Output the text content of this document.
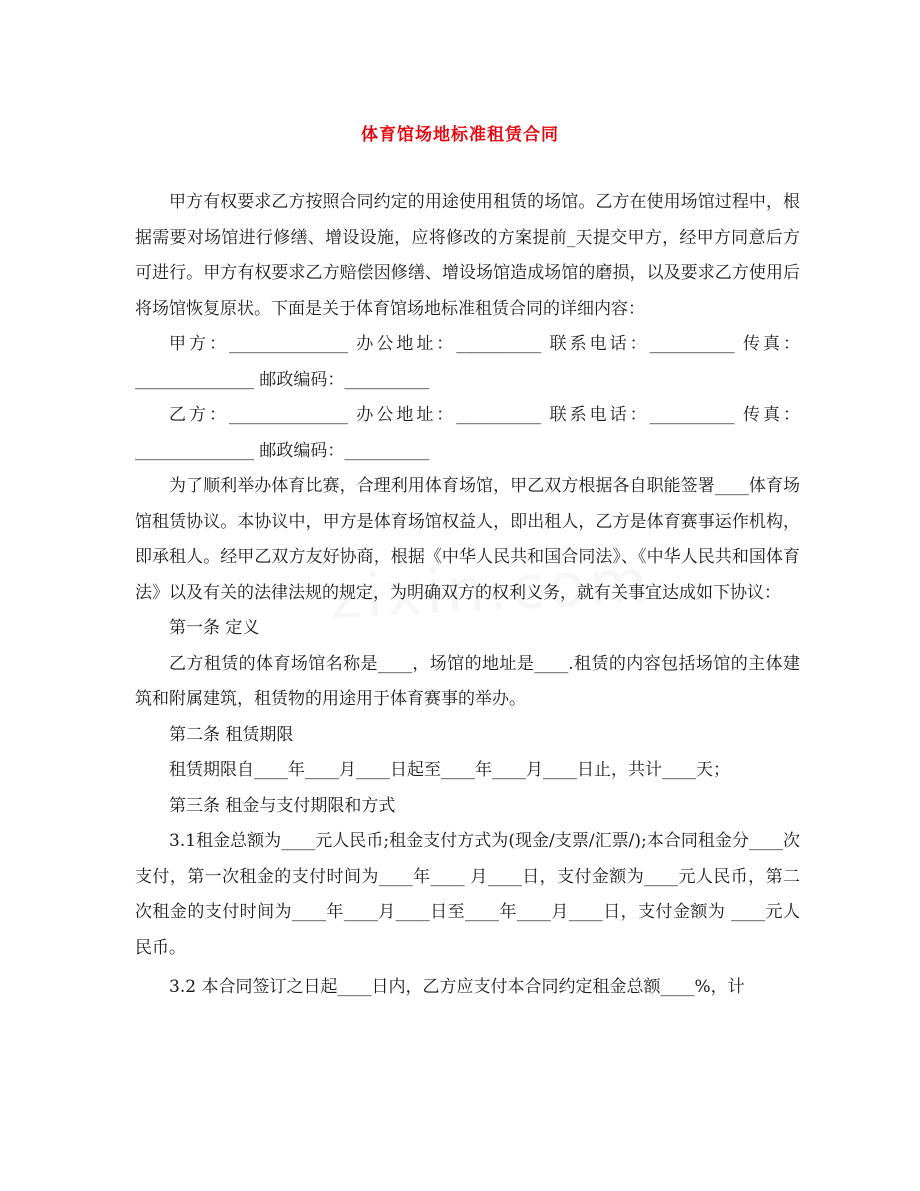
体育馆场地标准租赁合同

甲方有权要求乙方按照合同约定的用途使用租赁的场馆。乙方在使用场馆过程中，根据需要对场馆进行修缮、增设设施，应将修改的方案提前_天提交甲方，经甲方同意后方可进行。甲方有权要求乙方赔偿因修缮、增设场馆造成场馆的磨损，以及要求乙方使用后将场馆恢复原状。下面是关于体育馆场地标准租赁合同的详细内容：

甲方：______________ 办公地址：__________ 联系电话：__________ 传真：______________ 邮政编码：__________

乙方：______________ 办公地址：__________ 联系电话：__________ 传真：______________ 邮政编码：__________

为了顺利举办体育比赛，合理利用体育场馆，甲乙双方根据各自职能签署____体育场馆租赁协议。本协议中，甲方是体育场馆权益人，即出租人，乙方是体育赛事运作机构，即承租人。经甲乙双方友好协商，根据《中华人民共和国合同法》、《中华人民共和国体育法》以及有关的法律法规的规定，为明确双方的权利义务，就有关事宜达成如下协议：

第一条 定义

乙方租赁的体育场馆名称是____，场馆的地址是____.租赁的内容包括场馆的主体建筑和附属建筑，租赁物的用途用于体育赛事的举办。

第二条 租赁期限

租赁期限自____年____月____日起至____年____月____日止，共计____天；

第三条 租金与支付期限和方式

3.1租金总额为____元人民币;租金支付方式为(现金/支票/汇票/);本合同租金分____次支付，第一次租金的支付时间为____年____ 月____日，支付金额为____元人民币，第二次租金的支付时间为____年____月____日至____年____月____日，支付金额为 ____元人民币。

3.2 本合同签订之日起____日内，乙方应支付本合同约定租金总额____%，计
